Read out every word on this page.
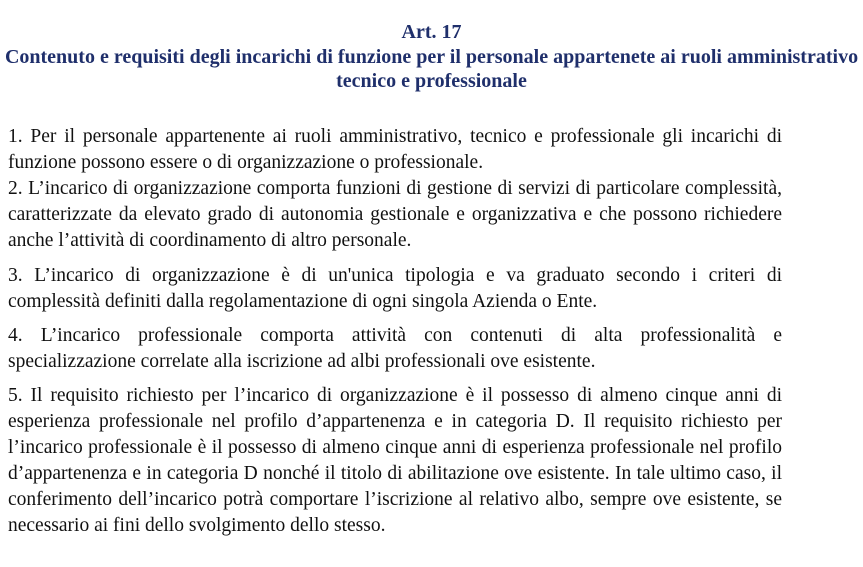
Art. 17
Contenuto e requisiti degli incarichi di funzione per il personale appartenete ai ruoli amministrativo tecnico e professionale

1. Per il personale appartenente ai ruoli amministrativo, tecnico e professionale gli incarichi di funzione possono essere o di organizzazione o professionale.

2. L’incarico di organizzazione comporta funzioni di gestione di servizi di particolare complessità, caratterizzate da elevato grado di autonomia gestionale e organizzativa e che possono richiedere anche l’attività di coordinamento di altro personale.

3. L’incarico di organizzazione è di un'unica tipologia e va graduato secondo i criteri di complessità definiti dalla regolamentazione di ogni singola Azienda o Ente.

4. L’incarico professionale comporta attività con contenuti di alta professionalità e specializzazione correlate alla iscrizione ad albi professionali ove esistente.

5. Il requisito richiesto per l’incarico di organizzazione è il possesso di almeno cinque anni di esperienza professionale nel profilo d’appartenenza e in categoria D. Il requisito richiesto per l’incarico professionale è il possesso di almeno cinque anni di esperienza professionale nel profilo d’appartenenza e in categoria D nonché il titolo di abilitazione ove esistente. In tale ultimo caso, il conferimento dell’incarico potrà comportare l’iscrizione al relativo albo, sempre ove esistente, se necessario ai fini dello svolgimento dello stesso.
